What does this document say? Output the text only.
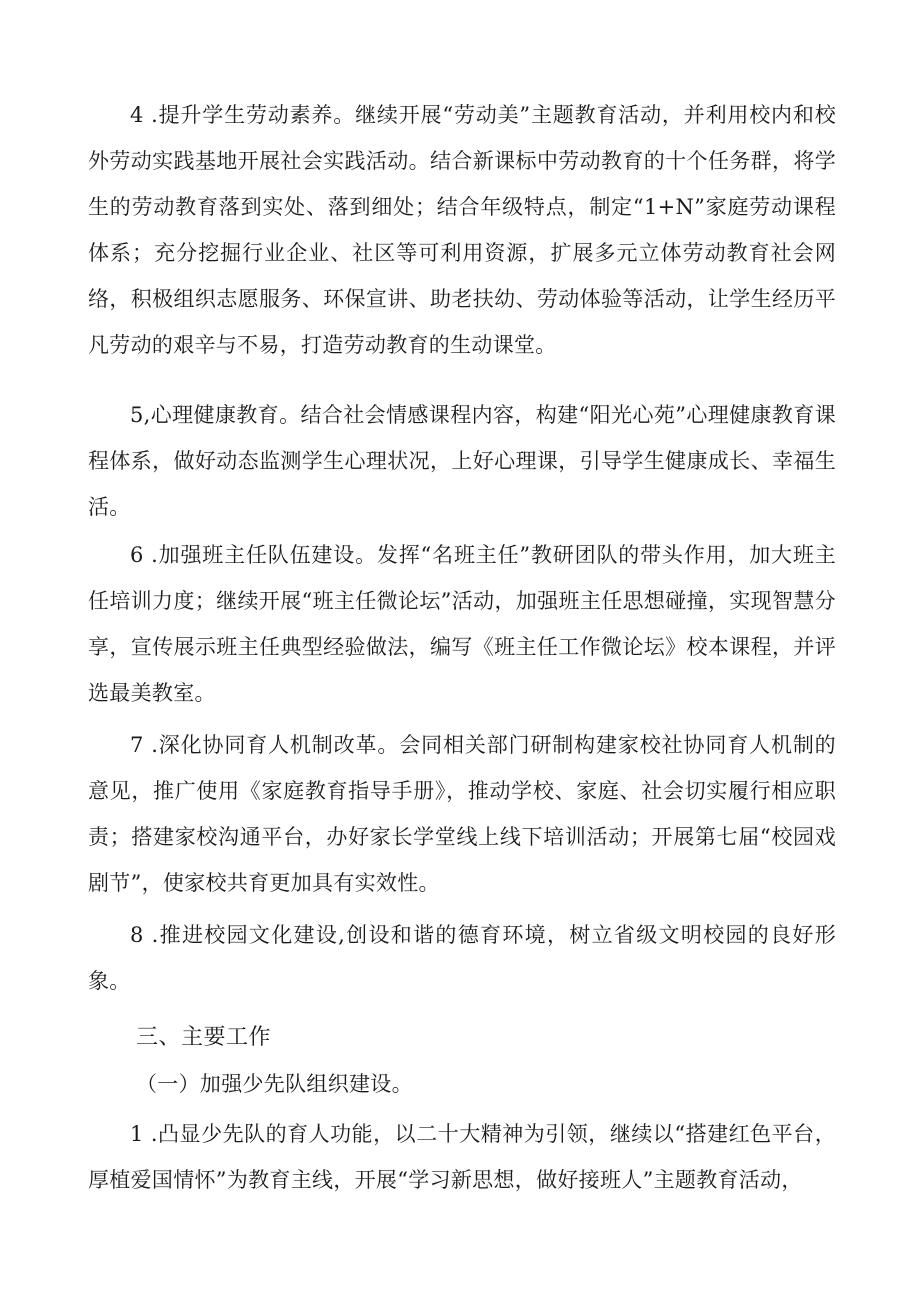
4 .提升学生劳动素养。继续开展“劳动美”主题教育活动，并利用校内和校外劳动实践基地开展社会实践活动。结合新课标中劳动教育的十个任务群，将学生的劳动教育落到实处、落到细处；结合年级特点，制定“1+N”家庭劳动课程体系；充分挖掘行业企业、社区等可利用资源，扩展多元立体劳动教育社会网络，积极组织志愿服务、环保宣讲、助老扶幼、劳动体验等活动，让学生经历平凡劳动的艰辛与不易，打造劳动教育的生动课堂。

5,心理健康教育。结合社会情感课程内容，构建“阳光心苑”心理健康教育课程体系，做好动态监测学生心理状况，上好心理课，引导学生健康成长、幸福生活。

6 .加强班主任队伍建设。发挥“名班主任”教研团队的带头作用，加大班主任培训力度；继续开展“班主任微论坛”活动，加强班主任思想碰撞，实现智慧分享，宣传展示班主任典型经验做法，编写《班主任工作微论坛》校本课程，并评选最美教室。

7 .深化协同育人机制改革。会同相关部门研制构建家校社协同育人机制的意见，推广使用《家庭教育指导手册》，推动学校、家庭、社会切实履行相应职责；搭建家校沟通平台，办好家长学堂线上线下培训活动；开展第七届“校园戏剧节”，使家校共育更加具有实效性。

8 .推进校园文化建设,创设和谐的德育环境，树立省级文明校园的良好形象。

三、主要工作

（一）加强少先队组织建设。

1 .凸显少先队的育人功能，以二十大精神为引领，继续以“搭建红色平台，厚植爱国情怀”为教育主线，开展“学习新思想，做好接班人”主题教育活动，
